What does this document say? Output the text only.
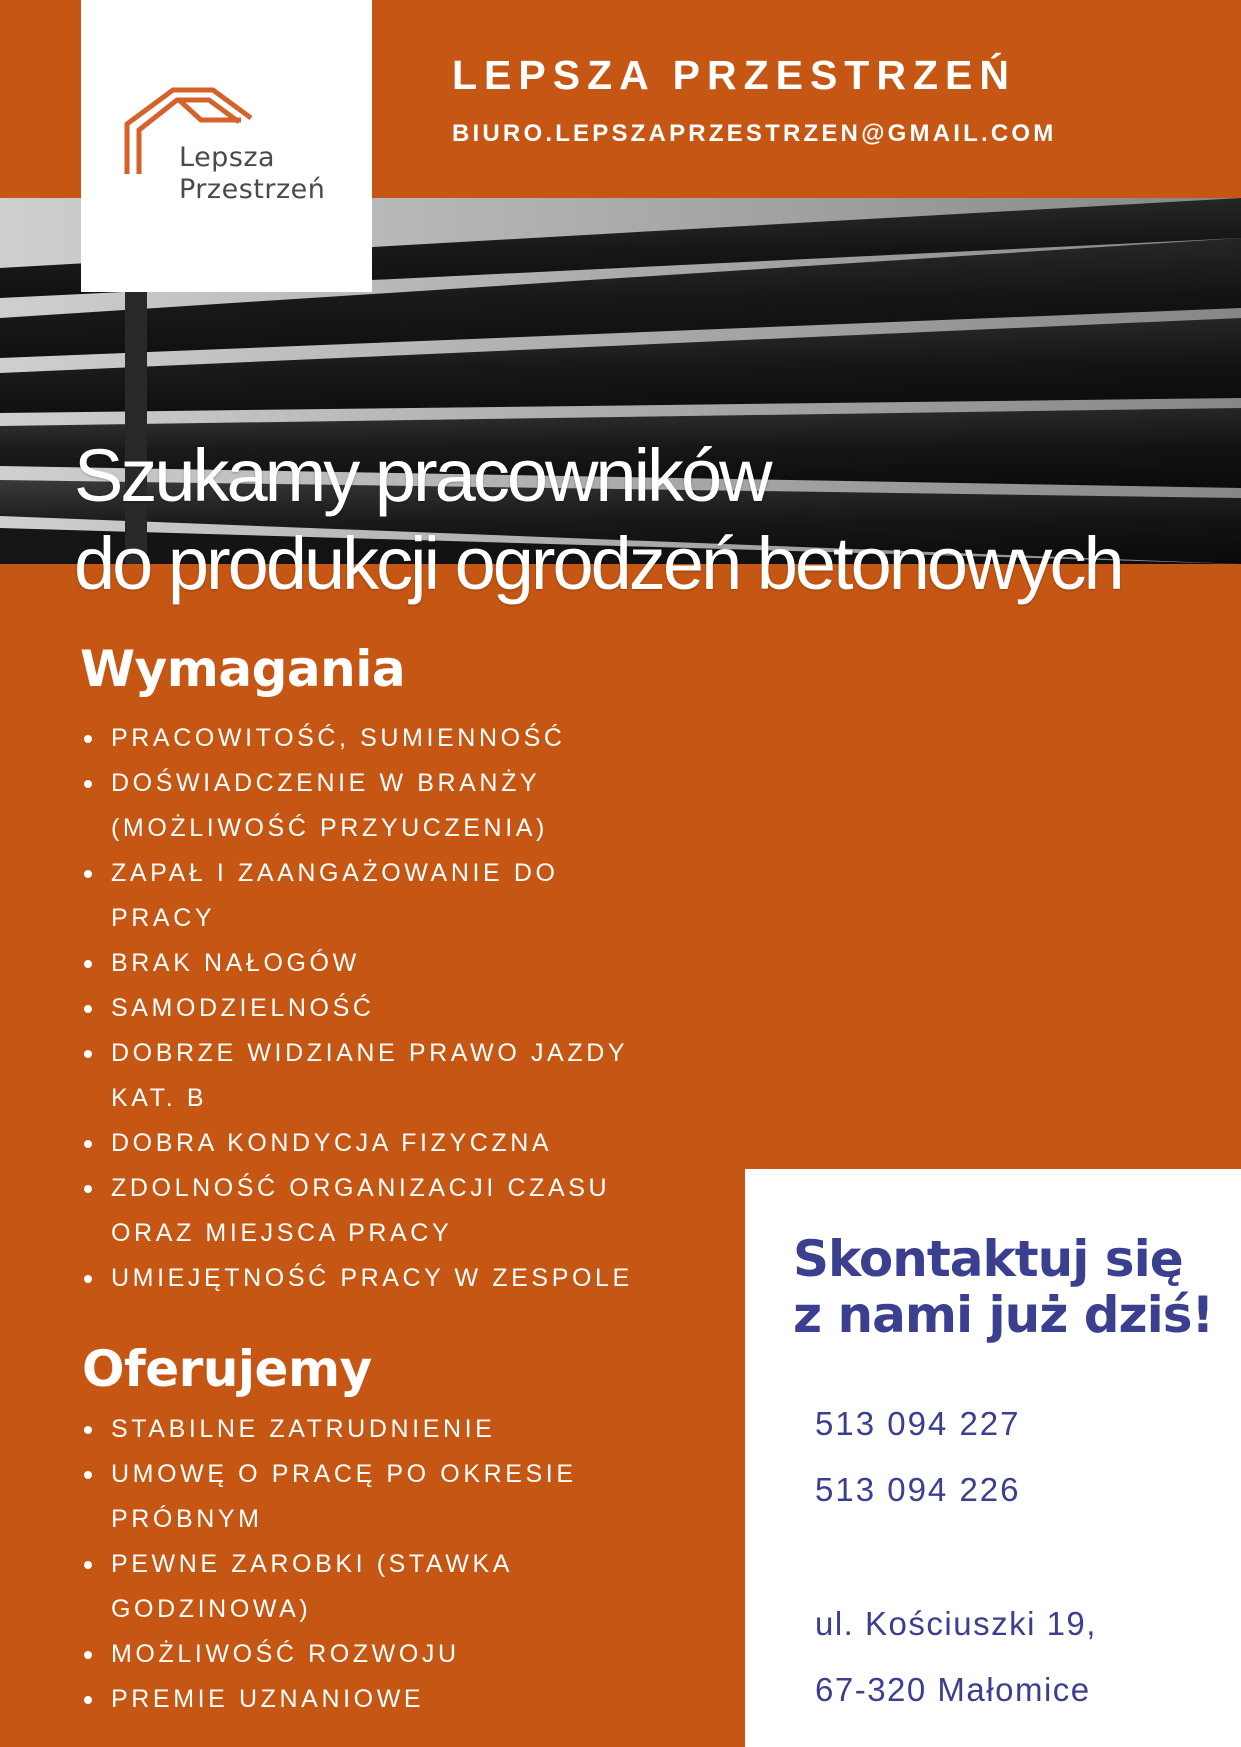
Lepsza
Przestrzeń
LEPSZA PRZESTRZEŃ
BIURO.LEPSZAPRZESTRZEN@GMAIL.COM
Szukamy pracowników
do produkcji ogrodzeń betonowych
Wymagania
PRACOWITOŚĆ, SUMIENNOŚĆ
DOŚWIADCZENIE W BRANŻY
(MOŻLIWOŚĆ PRZYUCZENIA)
ZAPAŁ I ZAANGAŻOWANIE DO
PRACY
BRAK NAŁOGÓW
SAMODZIELNOŚĆ
DOBRZE WIDZIANE PRAWO JAZDY
KAT. B
DOBRA KONDYCJA FIZYCZNA
ZDOLNOŚĆ ORGANIZACJI CZASU
ORAZ MIEJSCA PRACY
UMIEJĘTNOŚĆ PRACY W ZESPOLE
Oferujemy
STABILNE ZATRUDNIENIE
UMOWĘ O PRACĘ PO OKRESIE
PRÓBNYM
PEWNE ZAROBKI (STAWKA
GODZINOWA)
MOŻLIWOŚĆ ROZWOJU
PREMIE UZNANIOWE
Skontaktuj się
z nami już dziś!
513 094 227
513 094 226
ul. Kościuszki 19,
67-320 Małomice
